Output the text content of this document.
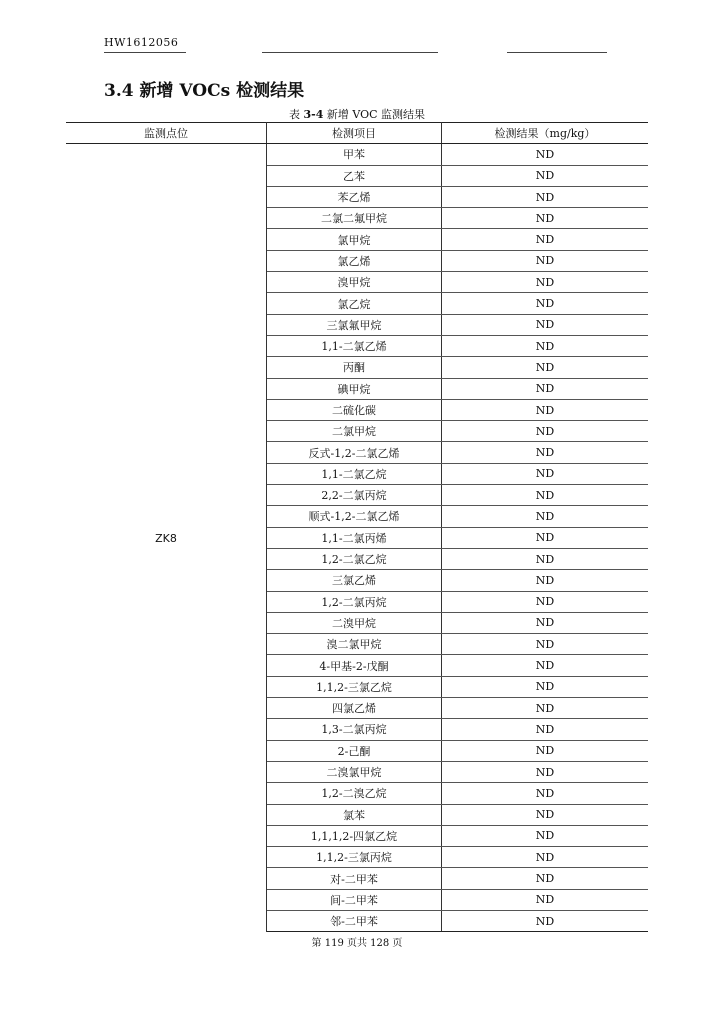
HW1612056
3.4 新增 VOCs 检测结果
表 3-4 新增 VOC 监测结果
监测点位	检测项目	检测结果（mg/kg）
ZK8	甲苯	ND
	乙苯	ND
	苯乙烯	ND
	二氯二氟甲烷	ND
	氯甲烷	ND
	氯乙烯	ND
	溴甲烷	ND
	氯乙烷	ND
	三氯氟甲烷	ND
	1,1-二氯乙烯	ND
	丙酮	ND
	碘甲烷	ND
	二硫化碳	ND
	二氯甲烷	ND
	反式-1,2-二氯乙烯	ND
	1,1-二氯乙烷	ND
	2,2-二氯丙烷	ND
	顺式-1,2-二氯乙烯	ND
	1,1-二氯丙烯	ND
	1,2-二氯乙烷	ND
	三氯乙烯	ND
	1,2-二氯丙烷	ND
	二溴甲烷	ND
	溴二氯甲烷	ND
	4-甲基-2-戊酮	ND
	1,1,2-三氯乙烷	ND
	四氯乙烯	ND
	1,3-二氯丙烷	ND
	2-己酮	ND
	二溴氯甲烷	ND
	1,2-二溴乙烷	ND
	氯苯	ND
	1,1,1,2-四氯乙烷	ND
	1,1,2-三氯丙烷	ND
	对-二甲苯	ND
	间-二甲苯	ND
	邻-二甲苯	ND
第 119 页共 128 页
